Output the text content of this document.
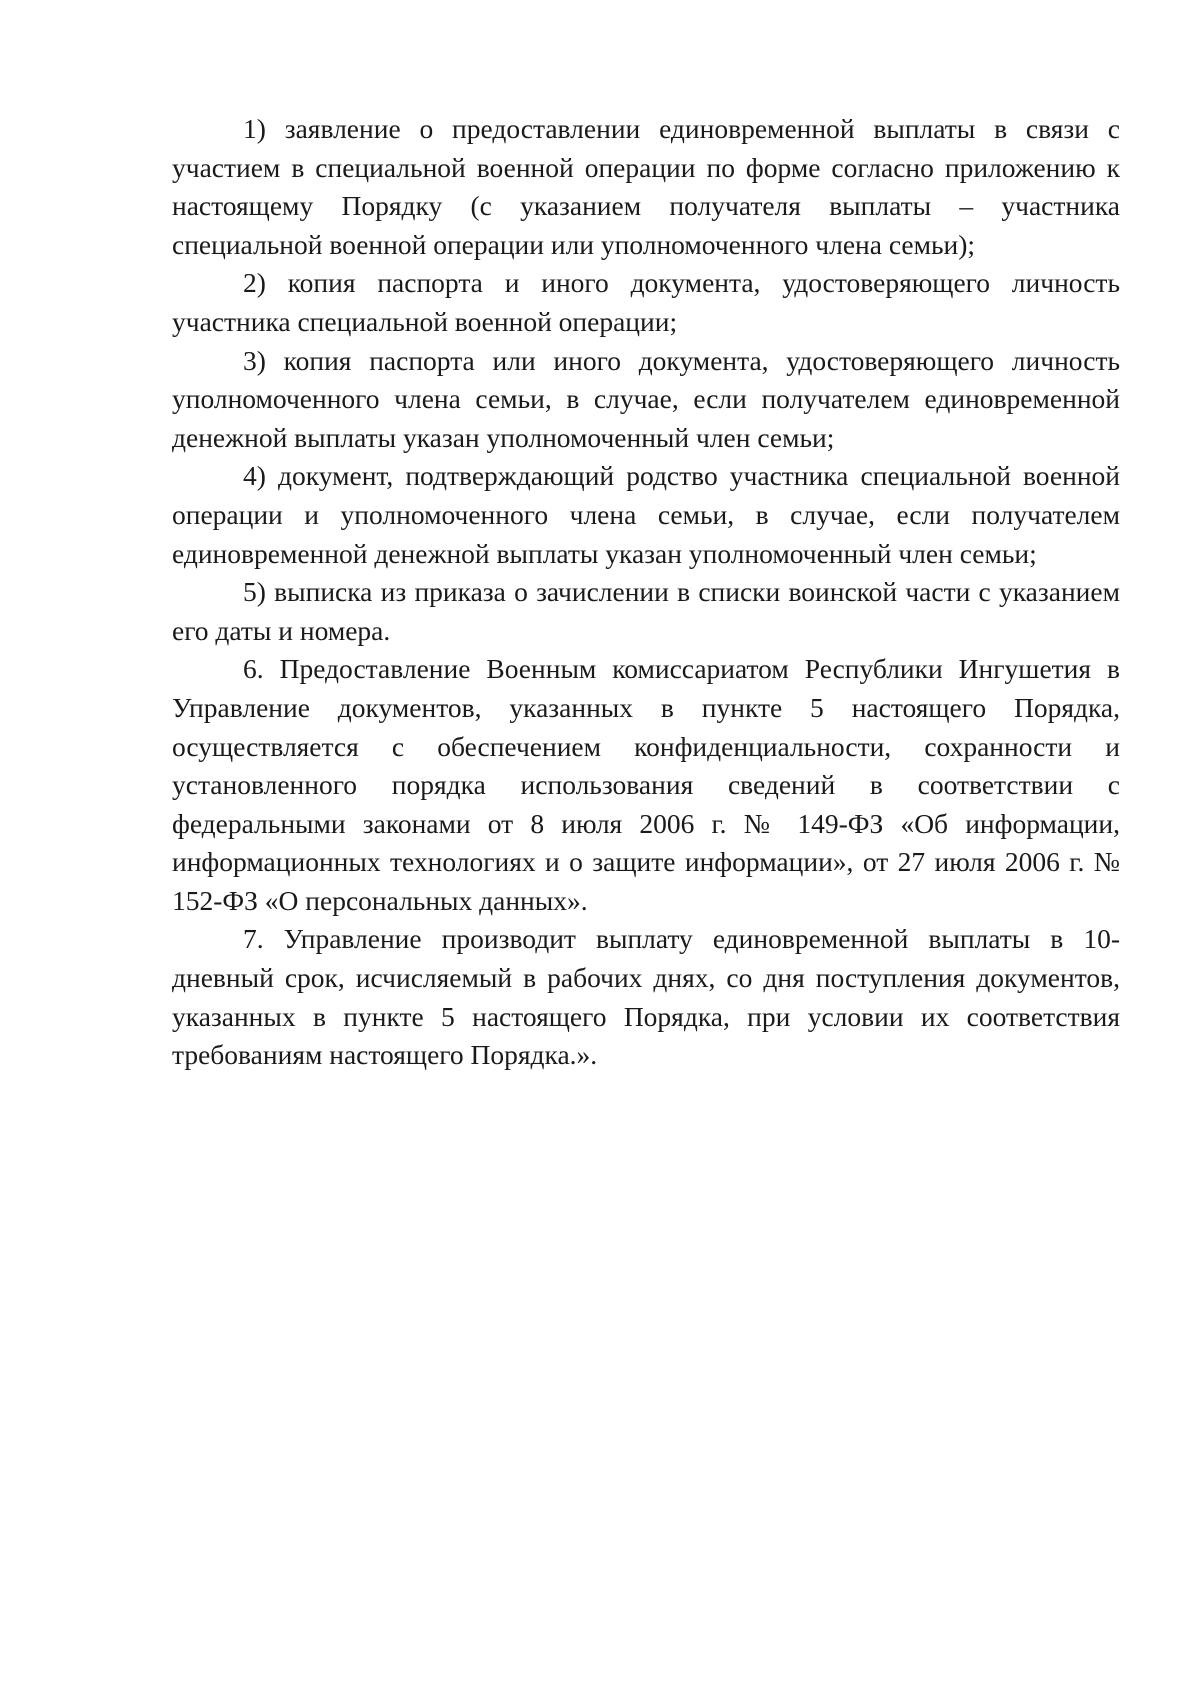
1) заявление о предоставлении единовременной выплаты в связи с участием в специальной военной операции по форме согласно приложению к настоящему Порядку (с указанием получателя выплаты – участника специальной военной операции или уполномоченного члена семьи);

2) копия паспорта и иного документа, удостоверяющего личность участника специальной военной операции;

3) копия паспорта или иного документа, удостоверяющего личность уполномоченного члена семьи, в случае, если получателем единовременной денежной выплаты указан уполномоченный член семьи;

4) документ, подтверждающий родство участника специальной военной операции и уполномоченного члена семьи, в случае, если получателем единовременной денежной выплаты указан уполномоченный член семьи;

5) выписка из приказа о зачислении в списки воинской части с указанием его даты и номера.

6. Предоставление Военным комиссариатом Республики Ингушетия в Управление документов, указанных в пункте 5 настоящего Порядка, осуществляется с обеспечением конфиденциальности, сохранности и установленного порядка использования сведений в соответствии с федеральными законами от 8 июля 2006 г. № 149-ФЗ «Об информации, информационных технологиях и о защите информации», от 27 июля 2006 г. № 152-ФЗ «О персональных данных».

7. Управление производит выплату единовременной выплаты в 10-дневный срок, исчисляемый в рабочих днях, со дня поступления документов, указанных в пункте 5 настоящего Порядка, при условии их соответствия требованиям настоящего Порядка.».
